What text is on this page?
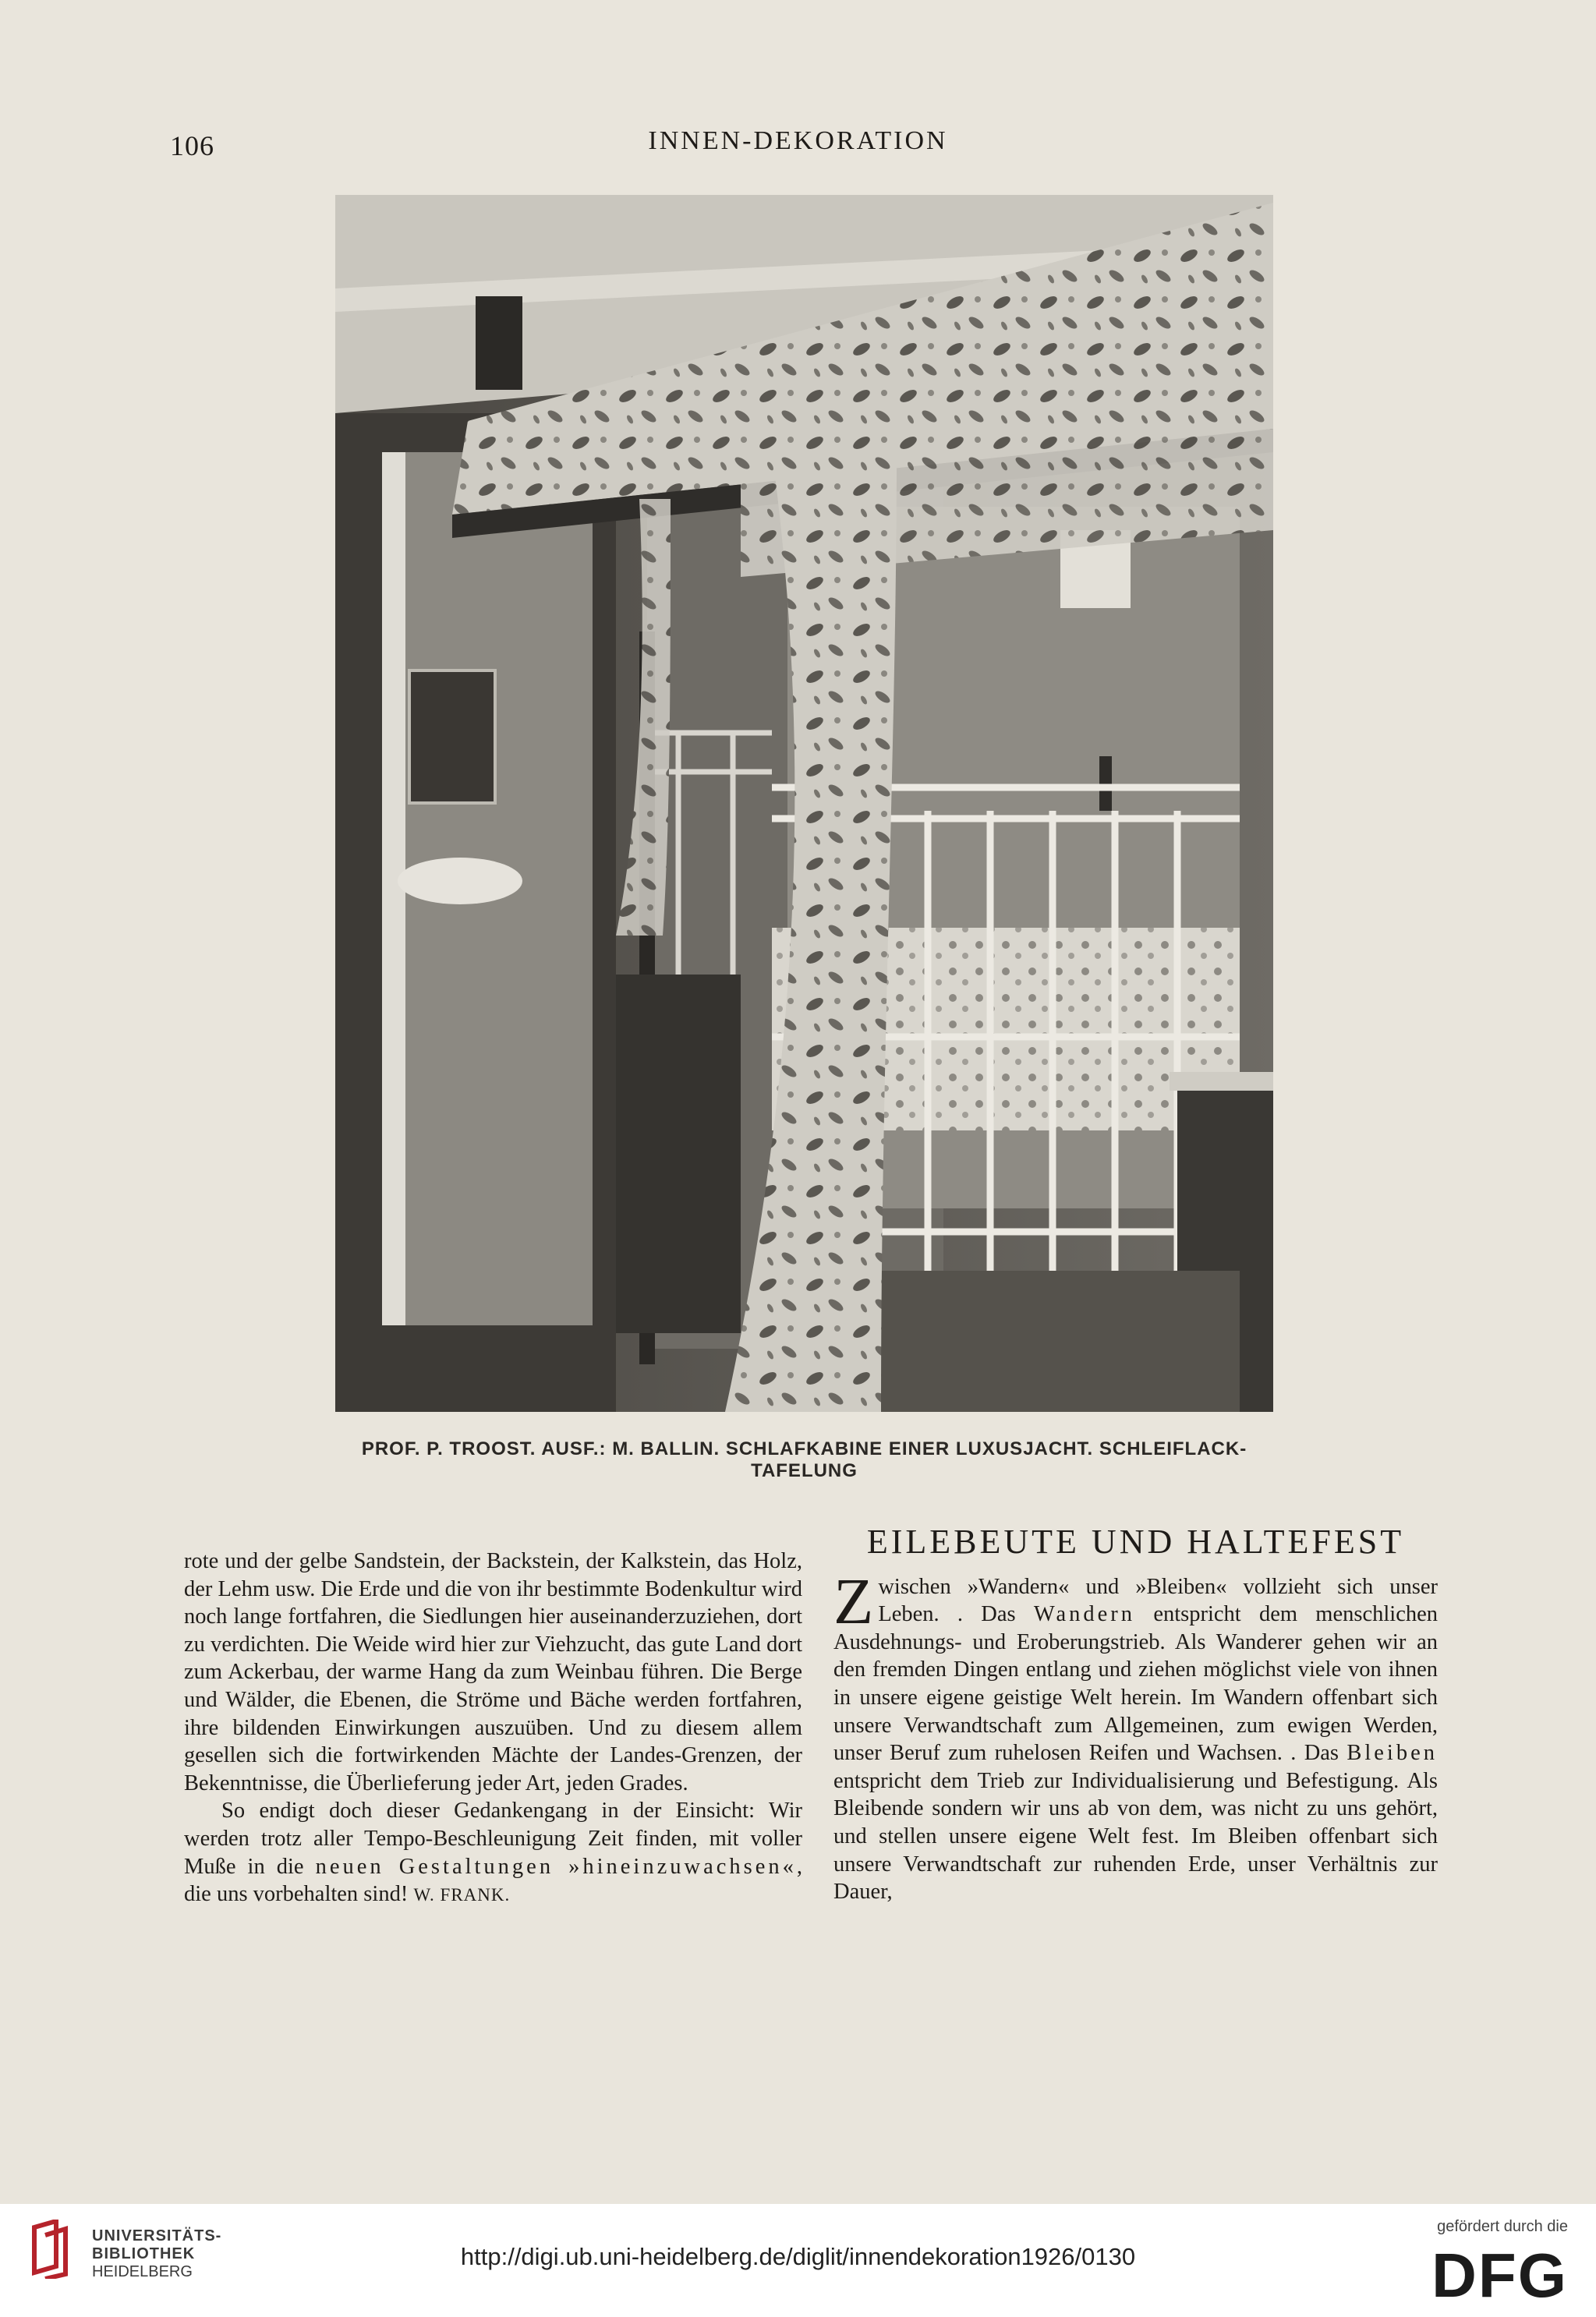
106	INNEN-DEKORATION
PROF. P. TROOST. AUSF.: M. BALLIN. SCHLAFKABINE EINER LUXUSJACHT. SCHLEIFLACK-TAFELUNG

rote und der gelbe Sandstein, der Backstein, der Kalkstein, das Holz, der Lehm usw. Die Erde und die von ihr bestimmte Bodenkultur wird noch lange fortfahren, die Siedlungen hier auseinanderzuziehen, dort zu verdichten. Die Weide wird hier zur Viehzucht, das gute Land dort zum Ackerbau, der warme Hang da zum Weinbau führen. Die Berge und Wälder, die Ebenen, die Ströme und Bäche werden fortfahren, ihre bildenden Einwirkungen auszuüben. Und zu diesem allem gesellen sich die fortwirkenden Mächte der Landes-Grenzen, der Bekenntnisse, die Überlieferung jeder Art, jeden Grades.

So endigt doch dieser Gedankengang in der Einsicht: Wir werden trotz aller Tempo-Beschleunigung Zeit finden, mit voller Muße in die neuen Gestaltungen »hineinzuwachsen«, die uns vorbehalten sind! W. FRANK.

EILEBEUTE UND HALTEFEST

Zwischen »Wandern« und »Bleiben« vollzieht sich unser Leben. . Das Wandern entspricht dem menschlichen Ausdehnungs- und Eroberungstrieb. Als Wanderer gehen wir an den fremden Dingen entlang und ziehen möglichst viele von ihnen in unsere eigene geistige Welt herein. Im Wandern offenbart sich unsere Verwandtschaft zum Allgemeinen, zum ewigen Werden, unser Beruf zum ruhelosen Reifen und Wachsen. . Das Bleiben entspricht dem Trieb zur Individualisierung und Befestigung. Als Bleibende sondern wir uns ab von dem, was nicht zu uns gehört, und stellen unsere eigene Welt fest. Im Bleiben offenbart sich unsere Verwandtschaft zur ruhenden Erde, unser Verhältnis zur Dauer,

UNIVERSITÄTS-
BIBLIOTHEK
HEIDELBERG
http://digi.ub.uni-heidelberg.de/diglit/innendekoration1926/0130
gefördert durch die
DFG
